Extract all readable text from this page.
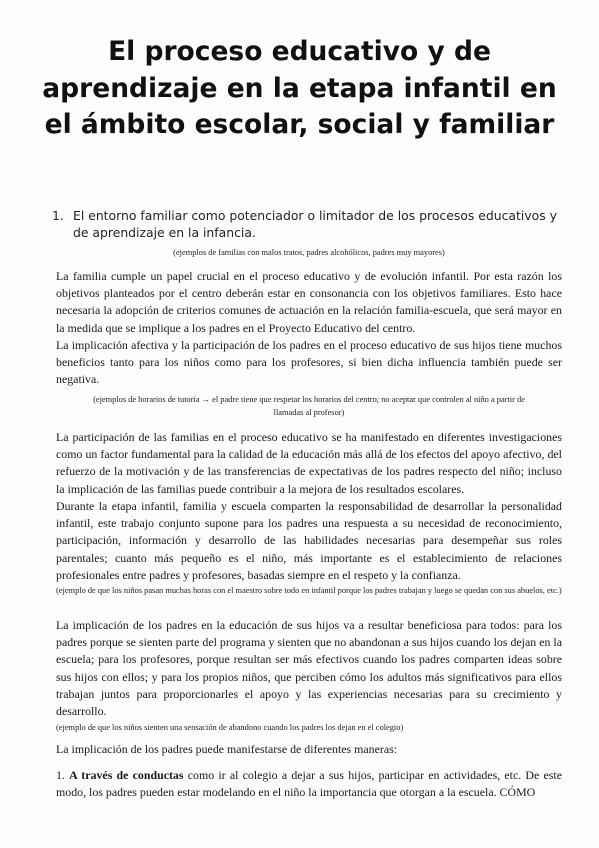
El proceso educativo y de aprendizaje en la etapa infantil en el ámbito escolar, social y familiar
1. El entorno familiar como potenciador o limitador de los procesos educativos y de aprendizaje en la infancia.

(ejemplos de familias con malos tratos, padres alcohólicos, padres muy mayores)

La familia cumple un papel crucial en el proceso educativo y de evolución infantil. Por esta razón los objetivos planteados por el centro deberán estar en consonancia con los objetivos familiares. Esto hace necesaria la adopción de criterios comunes de actuación en la relación familia-escuela, que será mayor en la medida que se implique a los padres en el Proyecto Educativo del centro.

La implicación afectiva y la participación de los padres en el proceso educativo de sus hijos tiene muchos beneficios tanto para los niños como para los profesores, si bien dicha influencia también puede ser negativa.

(ejemplos de horarios de tutoría → el padre tiene que respetar los horarios del centro; no aceptar que controlen al niño a partir de llamadas al profesor)

La participación de las familias en el proceso educativo se ha manifestado en diferentes investigaciones como un factor fundamental para la calidad de la educación más allá de los efectos del apoyo afectivo, del refuerzo de la motivación y de las transferencias de expectativas de los padres respecto del niño; incluso la implicación de las familias puede contribuir a la mejora de los resultados escolares.

Durante la etapa infantil, familia y escuela comparten la responsabilidad de desarrollar la personalidad infantil, este trabajo conjunto supone para los padres una respuesta a su necesidad de reconocimiento, participación, información y desarrollo de las habilidades necesarias para desempeñar sus roles parentales; cuanto más pequeño es el niño, más importante es el establecimiento de relaciones profesionales entre padres y profesores, basadas siempre en el respeto y la confianza.

(ejemplo de que los niños pasan muchas horas con el maestro sobre todo en infantil porque los padres trabajan y luego se quedan con sus abuelos, etc.)

La implicación de los padres en la educación de sus hijos va a resultar beneficiosa para todos: para los padres porque se sienten parte del programa y sienten que no abandonan a sus hijos cuando los dejan en la escuela; para los profesores, porque resultan ser más efectivos cuando los padres comparten ideas sobre sus hijos con ellos; y para los propios niños, que perciben cómo los adultos más significativos para ellos trabajan juntos para proporcionarles el apoyo y las experiencias necesarias para su crecimiento y desarrollo.

(ejemplo de que los niños sienten una sensación de abandono cuando los padres los dejan en el colegio)

La implicación de los padres puede manifestarse de diferentes maneras:

1. A través de conductas como ir al colegio a dejar a sus hijos, participar en actividades, etc. De este modo, los padres pueden estar modelando en el niño la importancia que otorgan a la escuela. CÓMO
